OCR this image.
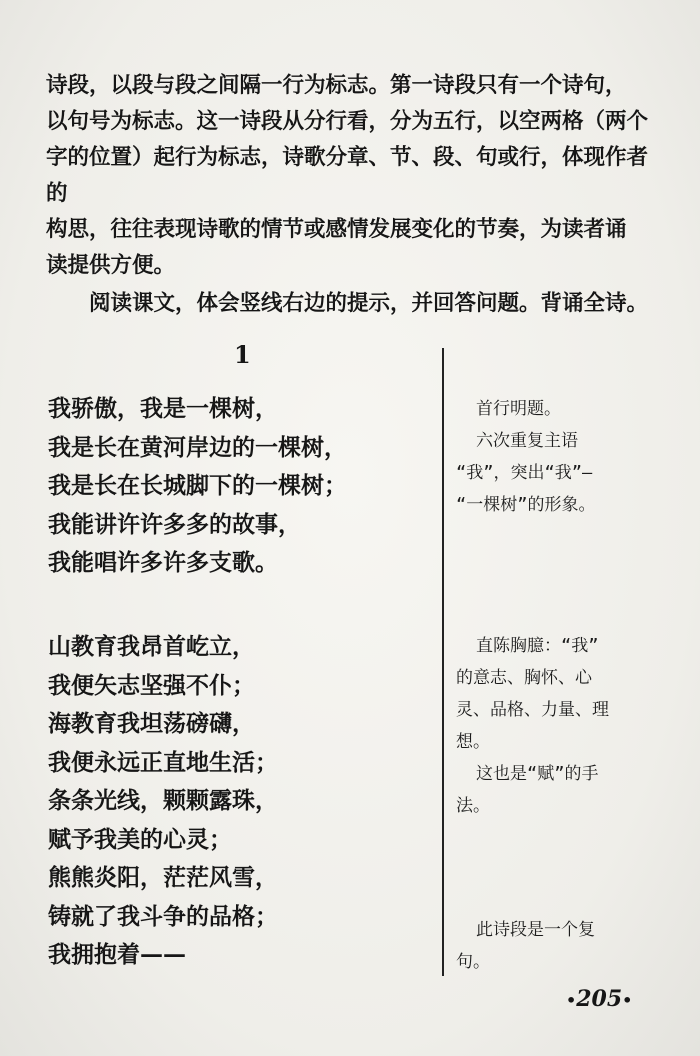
诗段，以段与段之间隔一行为标志。第一诗段只有一个诗句，

以句号为标志。这一诗段从分行看，分为五行，以空两格（两个

字的位置）起行为标志，诗歌分章、节、段、句或行，体现作者的

构思，往往表现诗歌的情节或感情发展变化的节奏，为读者诵

读提供方便。

阅读课文，体会竖线右边的提示，并回答问题。背诵全诗。

1
我骄傲，我是一棵树，
我是长在黄河岸边的一棵树，
我是长在长城脚下的一棵树；
我能讲许许多多的故事，
我能唱许多许多支歌。
山教育我昂首屹立，
我便矢志坚强不仆；
海教育我坦荡磅礴，
我便永远正直地生活；
条条光线，颗颗露珠，
赋予我美的心灵；
熊熊炎阳，茫茫风雪，
铸就了我斗争的品格；
我拥抱着——

首行明题。

六次重复主语

“我”，突出“我”—

“一棵树”的形象。

直陈胸臆：“我”

的意志、胸怀、心

灵、品格、力量、理

想。

这也是“赋”的手

法。

此诗段是一个复

句。

•205•
